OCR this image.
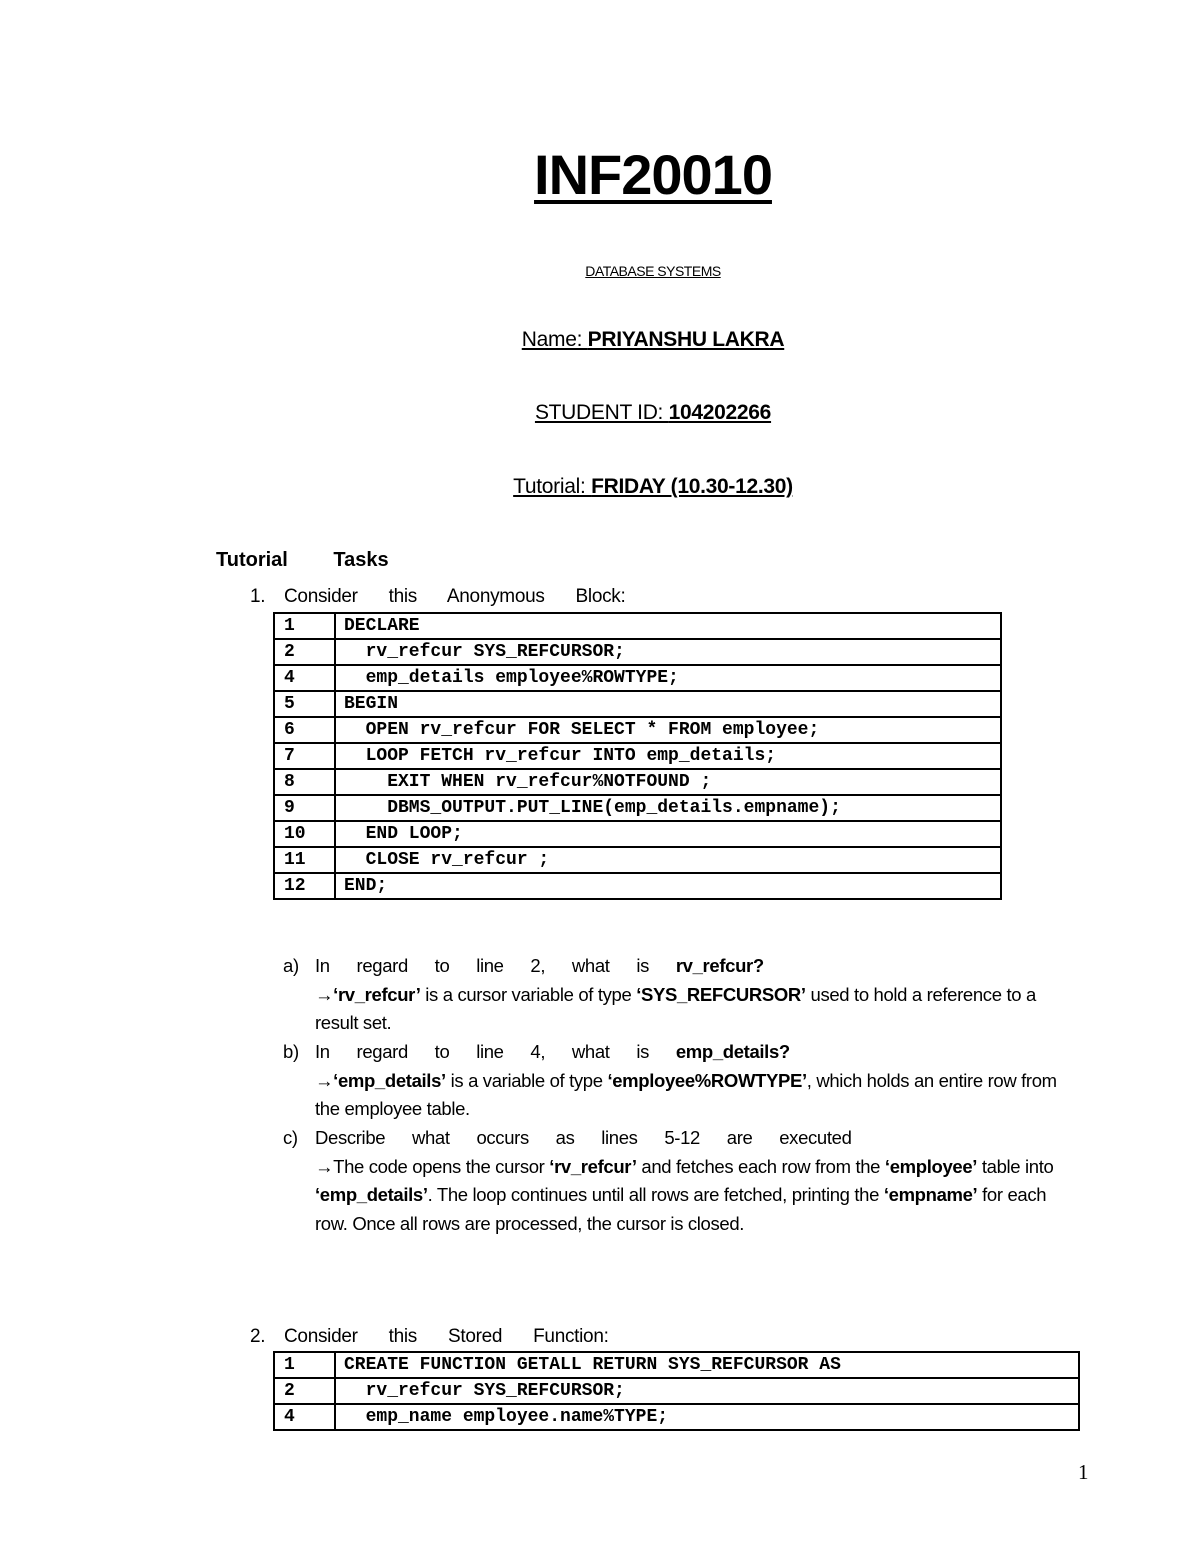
INF20010
DATABASE SYSTEMS
Name: PRIYANSHU LAKRA
STUDENT ID: 104202266
Tutorial: FRIDAY (10.30-12.30)
Tutorial Tasks
1. Consider this Anonymous Block:
1	DECLARE
2	rv_refcur SYS_REFCURSOR;
4	emp_details employee%ROWTYPE;
5	BEGIN
6	OPEN rv_refcur FOR SELECT * FROM employee;
7	LOOP FETCH rv_refcur INTO emp_details;
8	EXIT WHEN rv_refcur%NOTFOUND ;
9	DBMS_OUTPUT.PUT_LINE(emp_details.empname);
10	END LOOP;
11	CLOSE rv_refcur ;
12	END;
a) In regard to line 2, what is rv_refcur?
→‘rv_refcur’ is a cursor variable of type ‘SYS_REFCURSOR’ used to hold a reference to a result set.
b) In regard to line 4, what is emp_details?
→‘emp_details’ is a variable of type ‘employee%ROWTYPE’, which holds an entire row from the employee table.
c) Describe what occurs as lines 5-12 are executed
→The code opens the cursor ‘rv_refcur’ and fetches each row from the ‘employee’ table into ‘emp_details’. The loop continues until all rows are fetched, printing the ‘empname’ for each row. Once all rows are processed, the cursor is closed.
2. Consider this Stored Function:
1	CREATE FUNCTION GETALL RETURN SYS_REFCURSOR AS
2	rv_refcur SYS_REFCURSOR;
4	emp_name employee.name%TYPE;
1
